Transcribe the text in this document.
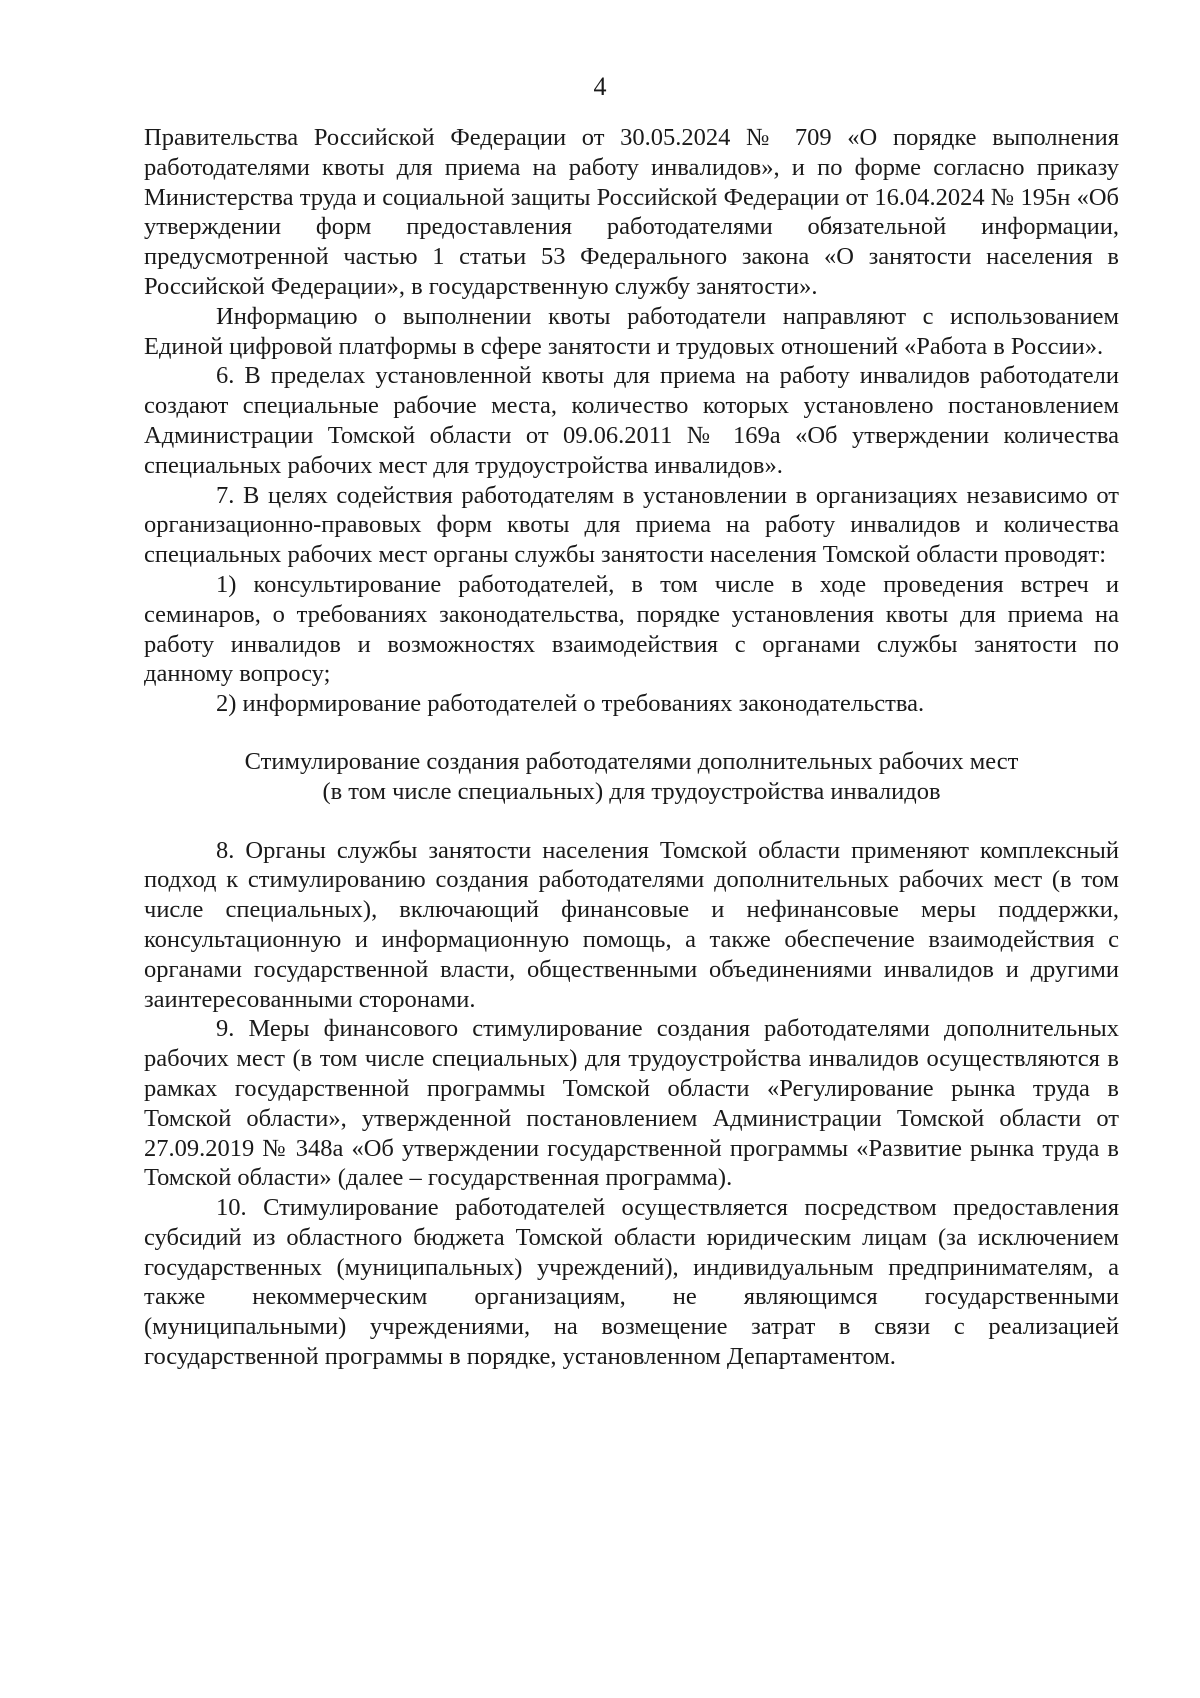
4

Правительства Российской Федерации от 30.05.2024 № 709 «О порядке выполнения работодателями квоты для приема на работу инвалидов», и по форме согласно приказу Министерства труда и социальной защиты Российской Федерации от 16.04.2024 № 195н «Об утверждении форм предоставления работодателями обязательной информации, предусмотренной частью 1 статьи 53 Федерального закона «О занятости населения в Российской Федерации», в государственную службу занятости».

Информацию о выполнении квоты работодатели направляют с использованием Единой цифровой платформы в сфере занятости и трудовых отношений «Работа в России».

6. В пределах установленной квоты для приема на работу инвалидов работодатели создают специальные рабочие места, количество которых установлено постановлением Администрации Томской области от 09.06.2011 № 169а «Об утверждении количества специальных рабочих мест для трудоустройства инвалидов».

7. В целях содействия работодателям в установлении в организациях независимо от организационно-правовых форм квоты для приема на работу инвалидов и количества специальных рабочих мест органы службы занятости населения Томской области проводят:

1) консультирование работодателей, в том числе в ходе проведения встреч и семинаров, о требованиях законодательства, порядке установления квоты для приема на работу инвалидов и возможностях взаимодействия с органами службы занятости по данному вопросу;

2) информирование работодателей о требованиях законодательства.

Стимулирование создания работодателями дополнительных рабочих мест
(в том числе специальных) для трудоустройства инвалидов

8. Органы службы занятости населения Томской области применяют комплексный подход к стимулированию создания работодателями дополнительных рабочих мест (в том числе специальных), включающий финансовые и нефинансовые меры поддержки, консультационную и информационную помощь, а также обеспечение взаимодействия с органами государственной власти, общественными объединениями инвалидов и другими заинтересованными сторонами.

9. Меры финансового стимулирование создания работодателями дополнительных рабочих мест (в том числе специальных) для трудоустройства инвалидов осуществляются в рамках государственной программы Томской области «Регулирование рынка труда в Томской области», утвержденной постановлением Администрации Томской области от 27.09.2019 № 348а «Об утверждении государственной программы «Развитие рынка труда в Томской области» (далее – государственная программа).

10. Стимулирование работодателей осуществляется посредством предоставления субсидий из областного бюджета Томской области юридическим лицам (за исключением государственных (муниципальных) учреждений), индивидуальным предпринимателям, а также некоммерческим организациям, не являющимся государственными (муниципальными) учреждениями, на возмещение затрат в связи с реализацией государственной программы в порядке, установленном Департаментом.
